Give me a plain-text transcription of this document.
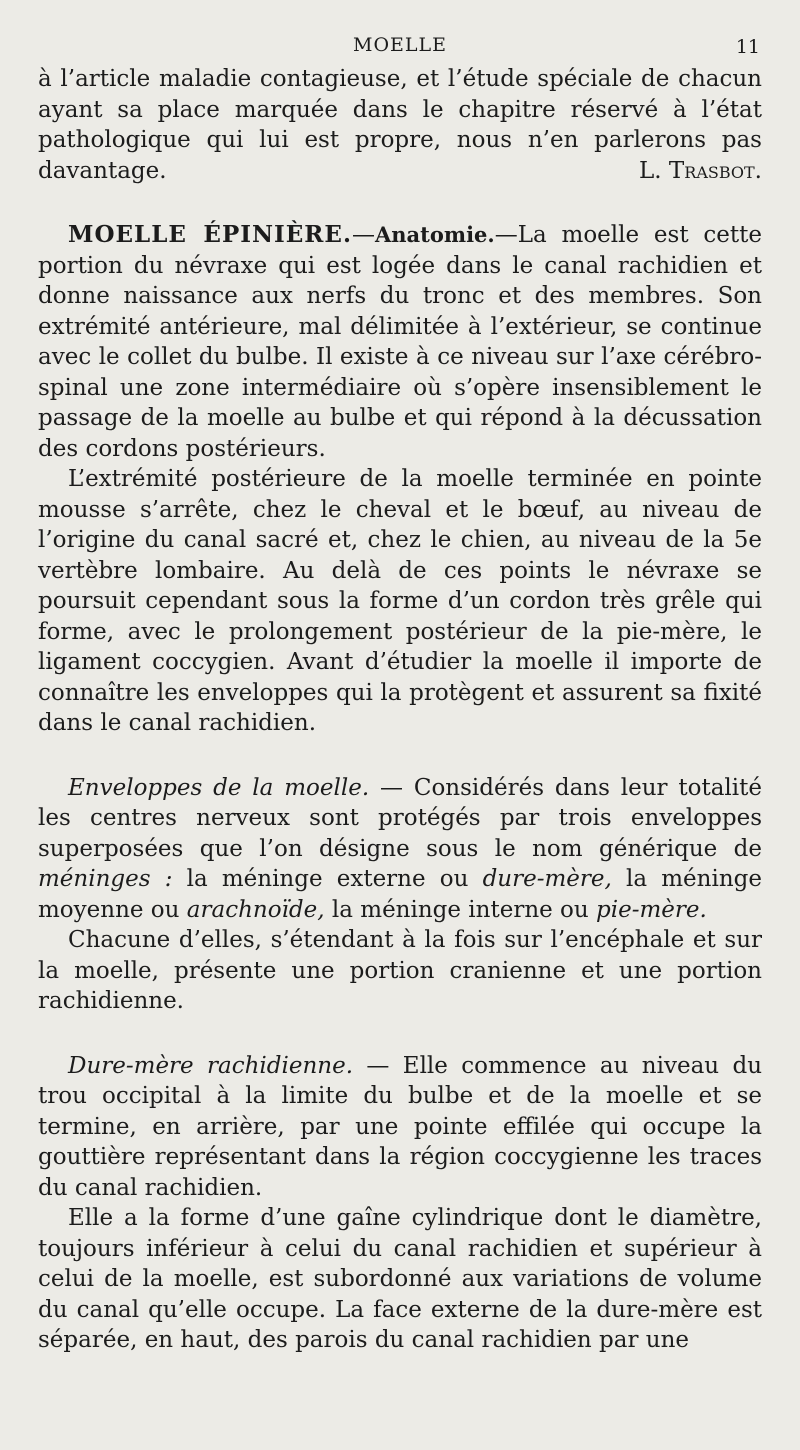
MOELLE	11

à l’article maladie contagieuse, et l’étude spéciale de chacun ayant sa place marquée dans le chapitre réservé à l’état pathologique qui lui est propre, nous n’en parlerons pas davantage.	L. Trasbot.

MOELLE ÉPINIÈRE.—Anatomie.—La moelle est cette portion du névraxe qui est logée dans le canal rachidien et donne naissance aux nerfs du tronc et des membres. Son extrémité antérieure, mal délimitée à l’extérieur, se continue avec le collet du bulbe. Il existe à ce niveau sur l’axe cérébro-spinal une zone intermédiaire où s’opère insensiblement le passage de la moelle au bulbe et qui répond à la décussation des cordons postérieurs.

L’extrémité postérieure de la moelle terminée en pointe mousse s’arrête, chez le cheval et le bœuf, au niveau de l’origine du canal sacré et, chez le chien, au niveau de la 5e vertèbre lombaire. Au delà de ces points le névraxe se poursuit cependant sous la forme d’un cordon très grêle qui forme, avec le prolongement postérieur de la pie-mère, le ligament coccygien. Avant d’étudier la moelle il importe de connaître les enveloppes qui la protègent et assurent sa fixité dans le canal rachidien.

Enveloppes de la moelle. — Considérés dans leur totalité les centres nerveux sont protégés par trois enveloppes superposées que l’on désigne sous le nom générique de méninges : la méninge externe ou dure-mère, la méninge moyenne ou arachnoïde, la méninge interne ou pie-mère.

Chacune d’elles, s’étendant à la fois sur l’encéphale et sur la moelle, présente une portion cranienne et une portion rachidienne.

Dure-mère rachidienne. — Elle commence au niveau du trou occipital à la limite du bulbe et de la moelle et se termine, en arrière, par une pointe effilée qui occupe la gouttière représentant dans la région coccygienne les traces du canal rachidien.

Elle a la forme d’une gaîne cylindrique dont le diamètre, toujours inférieur à celui du canal rachidien et supérieur à celui de la moelle, est subordonné aux variations de volume du canal qu’elle occupe. La face externe de la dure-mère est séparée, en haut, des parois du canal rachidien par une
